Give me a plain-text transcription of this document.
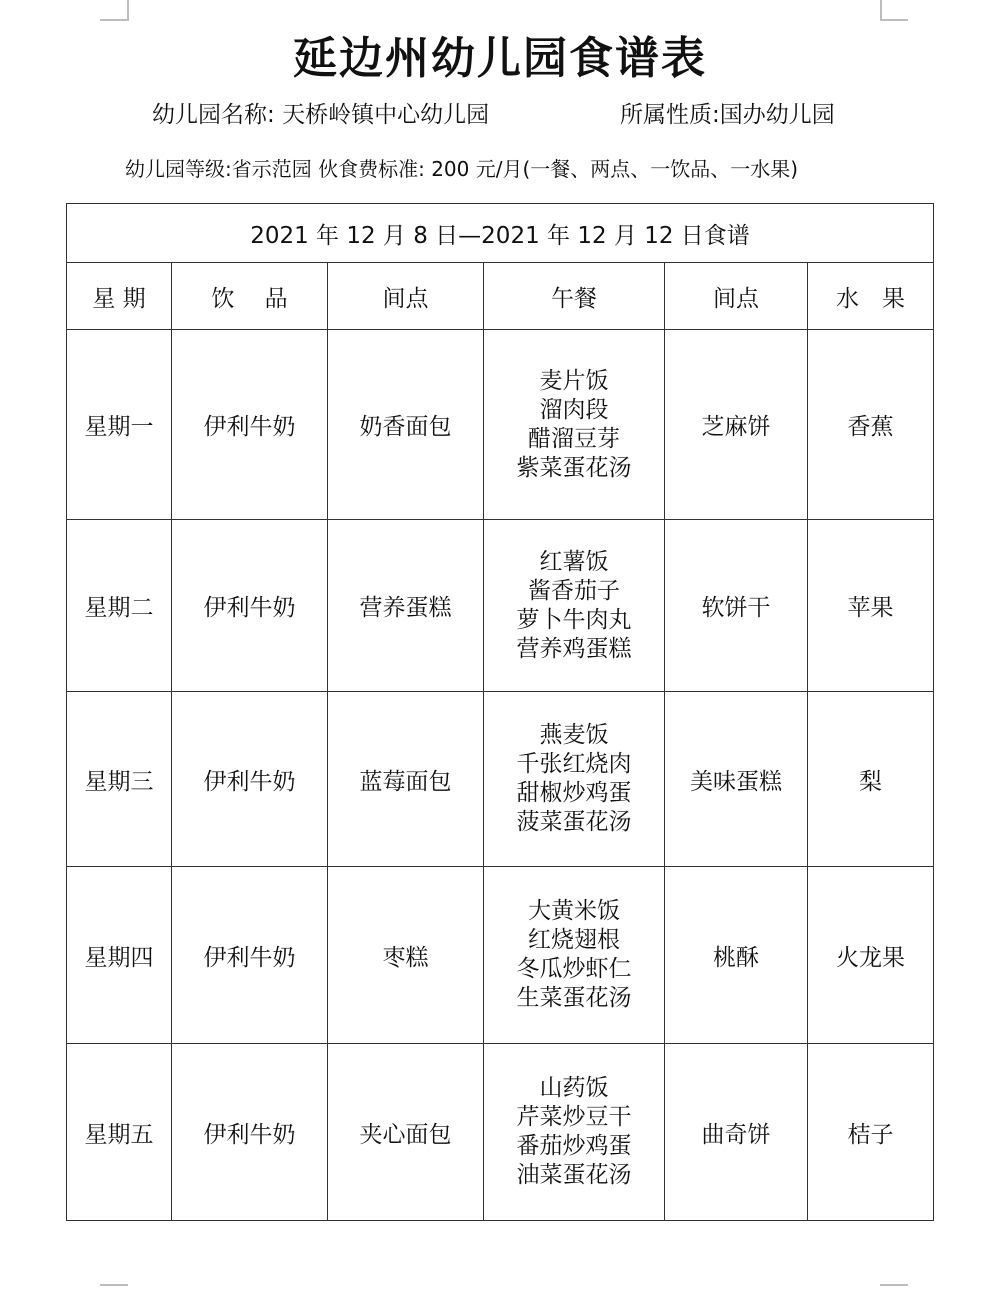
延边州幼儿园食谱表
幼儿园名称: 天桥岭镇中心幼儿园	所属性质:国办幼儿园
幼儿园等级:省示范园 伙食费标准: 200 元/月(一餐、两点、一饮品、一水果)
2021 年 12 月 8 日—2021 年 12 月 12 日食谱					
星 期	饮　 品	间点	午餐	间点	水　果
星期一	伊利牛奶	奶香面包	麦片饭
溜肉段
醋溜豆芽
紫菜蛋花汤	芝麻饼	香蕉
星期二	伊利牛奶	营养蛋糕	红薯饭
酱香茄子
萝卜牛肉丸
营养鸡蛋糕	软饼干	苹果
星期三	伊利牛奶	蓝莓面包	燕麦饭
千张红烧肉
甜椒炒鸡蛋
菠菜蛋花汤	美味蛋糕	梨
星期四	伊利牛奶	枣糕	大黄米饭
红烧翅根
冬瓜炒虾仁
生菜蛋花汤	桃酥	火龙果
星期五	伊利牛奶	夹心面包	山药饭
芹菜炒豆干
番茄炒鸡蛋
油菜蛋花汤	曲奇饼	桔子
